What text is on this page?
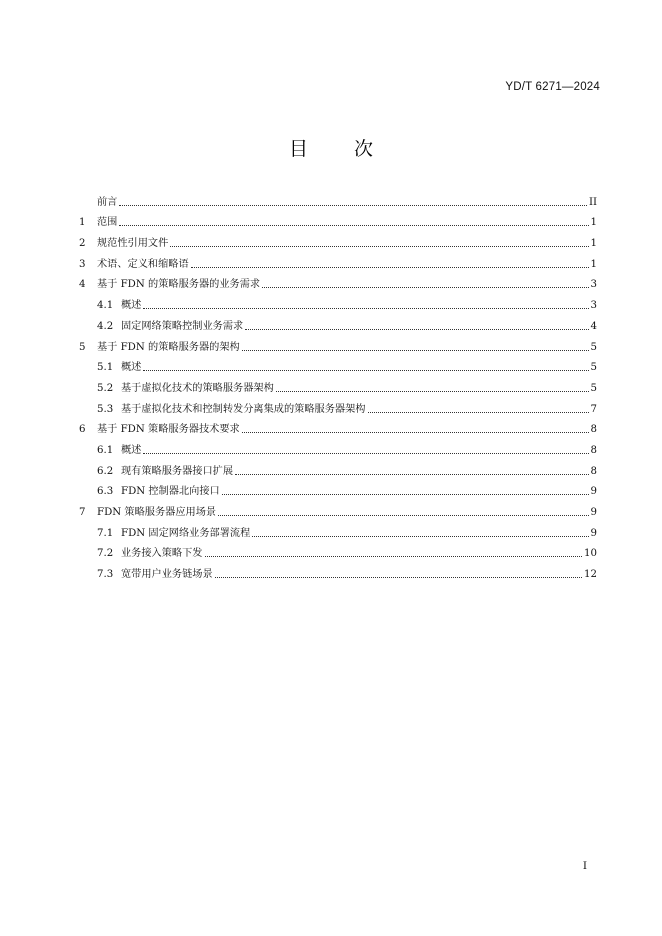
YD/T 6271—2024
目 次
前言	II
1	范围	1
2	规范性引用文件	1
3	术语、定义和缩略语	1
4	基于 FDN 的策略服务器的业务需求	3
4.1 概述	3
4.2 固定网络策略控制业务需求	4
5	基于 FDN 的策略服务器的架构	5
5.1 概述	5
5.2 基于虚拟化技术的策略服务器架构	5
5.3 基于虚拟化技术和控制转发分离集成的策略服务器架构	7
6	基于 FDN 策略服务器技术要求	8
6.1 概述	8
6.2 现有策略服务器接口扩展	8
6.3 FDN 控制器北向接口	9
7	FDN 策略服务器应用场景	9
7.1 FDN 固定网络业务部署流程	9
7.2 业务接入策略下发	10
7.3 宽带用户业务链场景	12
I
